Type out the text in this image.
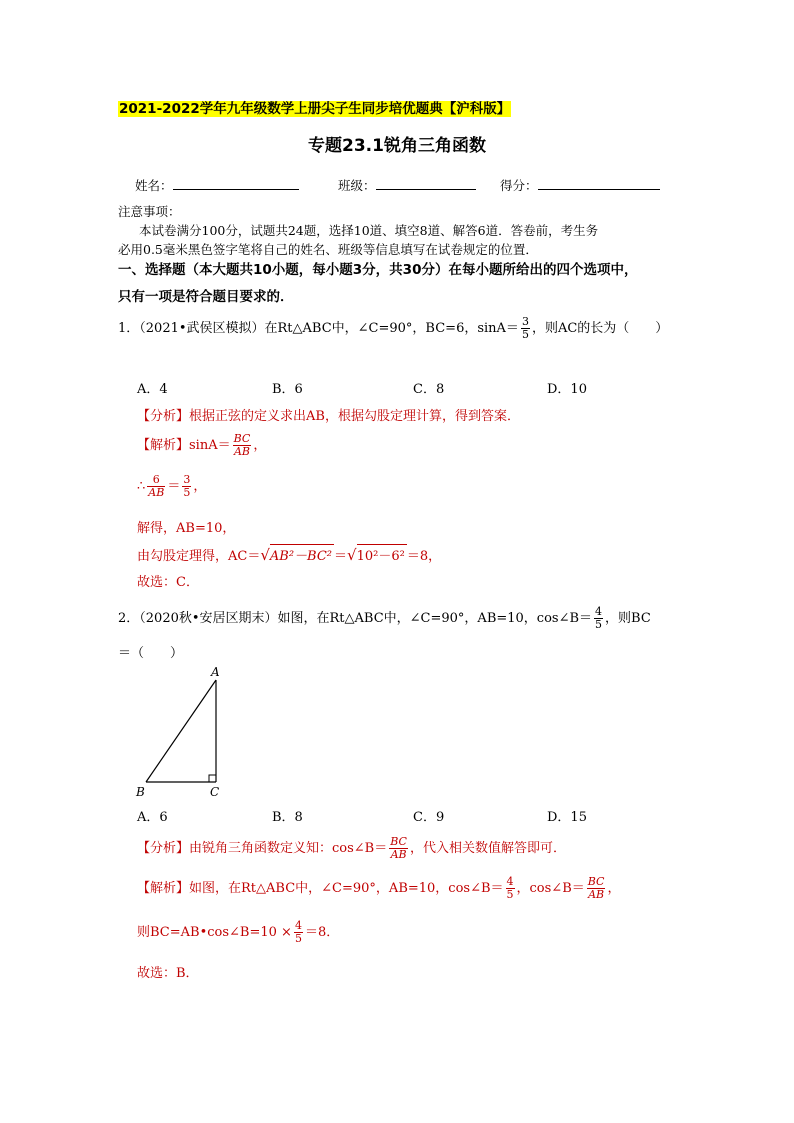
2021-2022学年九年级数学上册尖子生同步培优题典【沪科版】
专题23.1锐角三角函数
姓名：	班级：	得分：
注意事项：
本试卷满分100分，试题共24题，选择10道、填空8道、解答6道．答卷前，考生务
必用0.5毫米黑色签字笔将自己的姓名、班级等信息填写在试卷规定的位置．
一、选择题（本大题共10小题，每小题3分，共30分）在每小题所给出的四个选项中，
只有一项是符合题目要求的．
1．（2021•武侯区模拟）在Rt△ABC中，∠C=90°，BC=6，$\sin A= \frac{3}{5}$ ，则AC的长为（　　）
A．4	B．6	C．8	D．10
【分析】根据正弦的定义求出AB，根据勾股定理计算，得到答案．
【解析】$\sin A= \frac{BC}{AB}$ ，
∴ $\frac{6}{AB} = \frac{3}{5}$ ，
解得，AB=10，
由勾股定理得，AC＝√AB²－BC² ＝√10²－6² ＝8，
故选：C．
2．（2020秋•安居区期末）如图，在Rt△ABC中，∠C=90°，AB=10，cos∠B＝ $\frac{4}{5}$ ，则BC
＝（　　）
A
B	C
A．6	B．8	C．9	D．15
【分析】由锐角三角函数定义知：cos∠B＝ $\frac{BC}{AB}$ ，代入相关数值解答即可．
【解析】如图，在Rt△ABC中，∠C=90°，AB=10，cos∠B＝ $\frac{4}{5}$ ，cos∠B＝ $\frac{BC}{AB}$ ，
则BC=AB•cos∠B=10 × $\frac{4}{5} =8$．
故选：B．
